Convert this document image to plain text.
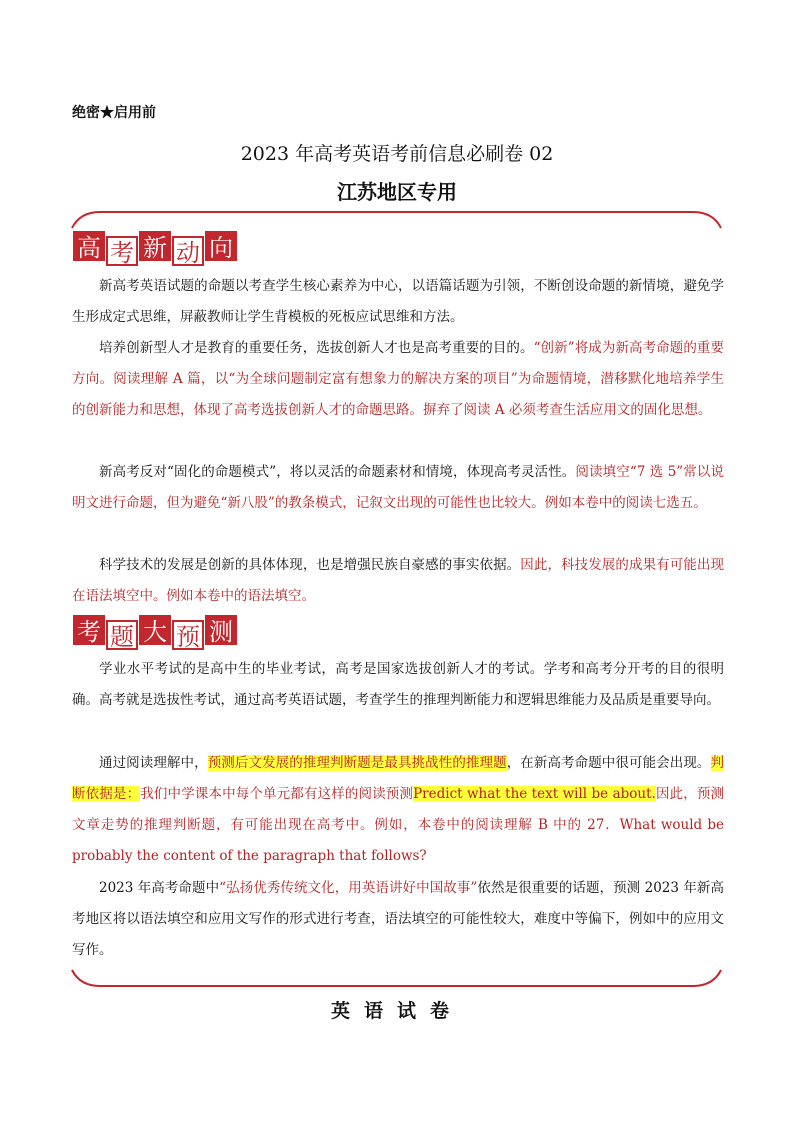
绝密★启用前
2023 年高考英语考前信息必刷卷 02
江苏地区专用
高 考 新 动 向
新高考英语试题的命题以考查学生核心素养为中心，以语篇话题为引领，不断创设命题的新情境，避免学生形成定式思维，屏蔽教师让学生背模板的死板应试思维和方法。
培养创新型人才是教育的重要任务，选拔创新人才也是高考重要的目的。“创新”将成为新高考命题的重要方向。阅读理解 A 篇，以“为全球问题制定富有想象力的解决方案的项目”为命题情境，潜移默化地培养学生的创新能力和思想，体现了高考选拔创新人才的命题思路。摒弃了阅读 A 必须考查生活应用文的固化思想。
新高考反对“固化的命题模式”，将以灵活的命题素材和情境，体现高考灵活性。阅读填空“7 选 5”常以说明文进行命题，但为避免“新八股”的教条模式，记叙文出现的可能性也比较大。例如本卷中的阅读七选五。
科学技术的发展是创新的具体体现，也是增强民族自豪感的事实依据。因此，科技发展的成果有可能出现在语法填空中。例如本卷中的语法填空。
考 题 大 预 测
学业水平考试的是高中生的毕业考试，高考是国家选拔创新人才的考试。学考和高考分开考的目的很明确。高考就是选拔性考试，通过高考英语试题，考查学生的推理判断能力和逻辑思维能力及品质是重要导向。
通过阅读理解中，预测后文发展的推理判断题是最具挑战性的推理题，在新高考命题中很可能会出现。判断依据是：我们中学课本中每个单元都有这样的阅读预测Predict what the text will be about.因此，预测文章走势的推理判断题，有可能出现在高考中。例如，本卷中的阅读理解 B 中的 27．What would be probably the content of the paragraph that follows?
2023 年高考命题中“弘扬优秀传统文化，用英语讲好中国故事”依然是很重要的话题，预测 2023 年新高考地区将以语法填空和应用文写作的形式进行考查，语法填空的可能性较大，难度中等偏下，例如中的应用文写作。
英语试卷
